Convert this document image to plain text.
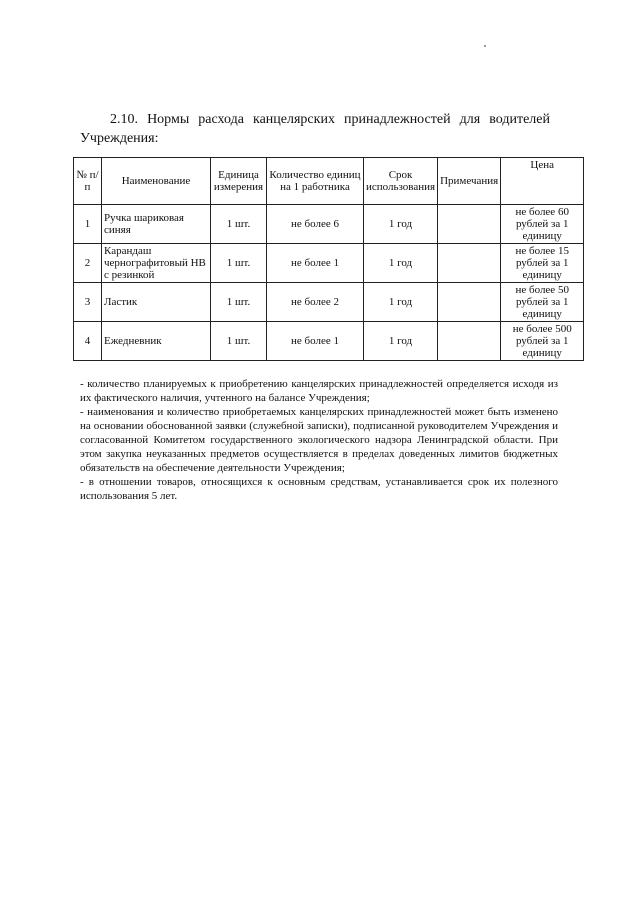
2.10. Нормы расхода канцелярских принадлежностей для водителей Учреждения:
№ п/п	Наименование	Единица измерения	Количество единиц на 1 работника	Срок использования	Примечания	Цена
1	Ручка шариковая синяя	1 шт.	не более 6	1 год		не более 60 рублей за 1 единицу
2	Карандаш чернографитовый НВ с резинкой	1 шт.	не более 1	1 год		не более 15 рублей за 1 единицу
3	Ластик	1 шт.	не более 2	1 год		не более 50 рублей за 1 единицу
4	Ежедневник	1 шт.	не более 1	1 год		не более 500 рублей за 1 единицу

- количество планируемых к приобретению канцелярских принадлежностей определяется исходя из их фактического наличия, учтенного на балансе Учреждения;

- наименования и количество приобретаемых канцелярских принадлежностей может быть изменено на основании обоснованной заявки (служебной записки), подписанной руководителем Учреждения и согласованной Комитетом государственного экологического надзора Ленинградской области. При этом закупка неуказанных предметов осуществляется в пределах доведенных лимитов бюджетных обязательств на обеспечение деятельности Учреждения;

- в отношении товаров, относящихся к основным средствам, устанавливается срок их полезного использования 5 лет.
